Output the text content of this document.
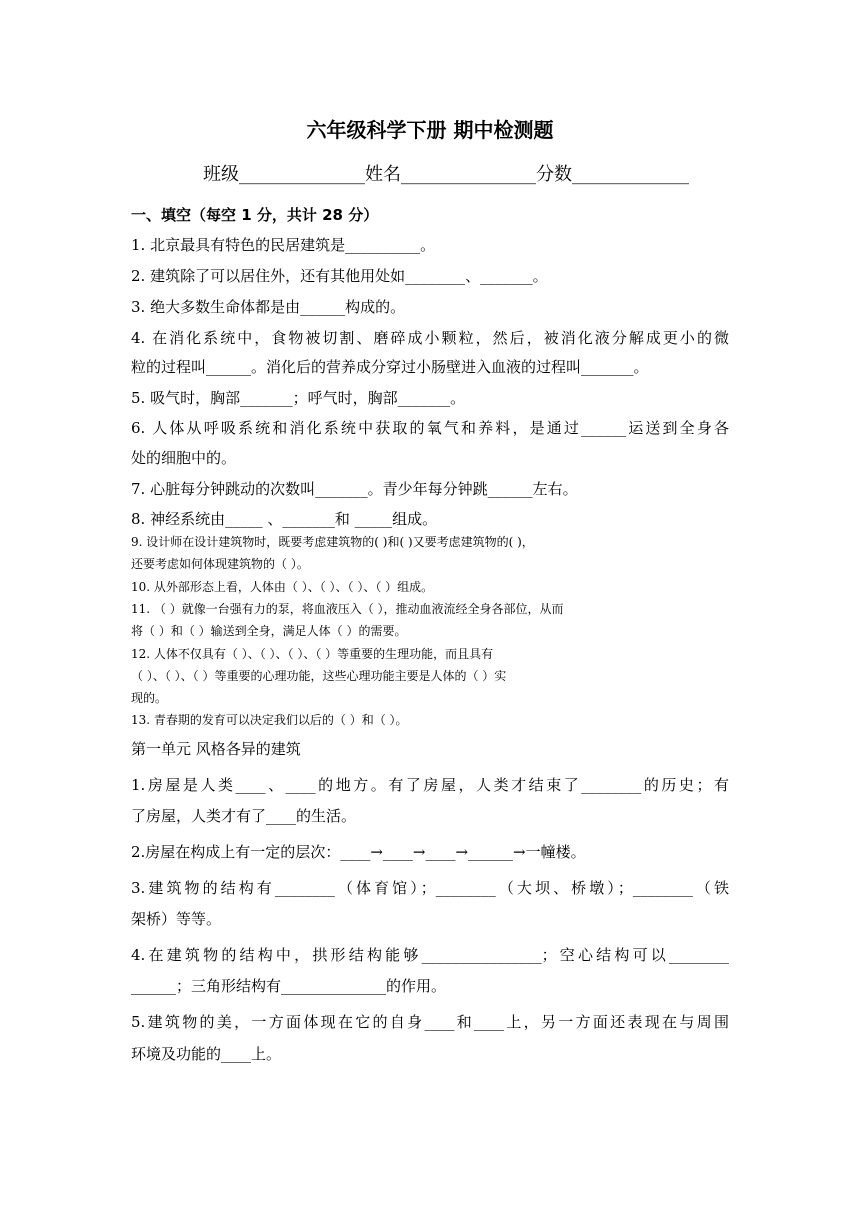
六年级科学下册 期中检测题
班级______________姓名_______________分数_____________
一、填空（每空 1 分，共计 28 分）
1. 北京最具有特色的民居建筑是__________。
2. 建筑除了可以居住外，还有其他用处如________、_______。
3. 绝大多数生命体都是由______构成的。
4. 在消化系统中，食物被切割、磨碎成小颗粒，然后，被消化液分解成更小的微
粒的过程叫______。消化后的营养成分穿过小肠壁进入血液的过程叫_______。
5. 吸气时，胸部_______；呼气时，胸部_______。
6. 人体从呼吸系统和消化系统中获取的氧气和养料，是通过______运送到全身各
处的细胞中的。
7. 心脏每分钟跳动的次数叫_______。青少年每分钟跳______左右。
8. 神经系统由_____ 、_______和 _____组成。
9. 设计师在设计建筑物时，既要考虑建筑物的( )和( )又要考虑建筑物的( )，
还要考虑如何体现建筑物的（ ）。
10. 从外部形态上看，人体由（ ）、（ ）、（ ）、（ ）组成。
11. （ ）就像一台强有力的泵，将血液压入（ ），推动血液流经全身各部位，从而
将（ ）和（ ）输送到全身，满足人体（ ）的需要。
12. 人体不仅具有（ ）、（ ）、（ ）、（ ）等重要的生理功能，而且具有
（ ）、（ ）、（ ）等重要的心理功能，这些心理功能主要是人体的（ ）实
现的。
13. 青春期的发育可以决定我们以后的（ ）和（ ）。
第一单元 风格各异的建筑
1.房屋是人类____、____的地方。有了房屋，人类才结束了________的历史；有
了房屋，人类才有了____的生活。
2.房屋在构成上有一定的层次：____→____→____→______→一幢楼。
3.建筑物的结构有________（体育馆）；________（大坝、桥墩）；________（铁
架桥）等等。
4.在建筑物的结构中，拱形结构能够________________；空心结构可以________
______；三角形结构有______________的作用。
5.建筑物的美，一方面体现在它的自身____和____上，另一方面还表现在与周围
环境及功能的____上。
